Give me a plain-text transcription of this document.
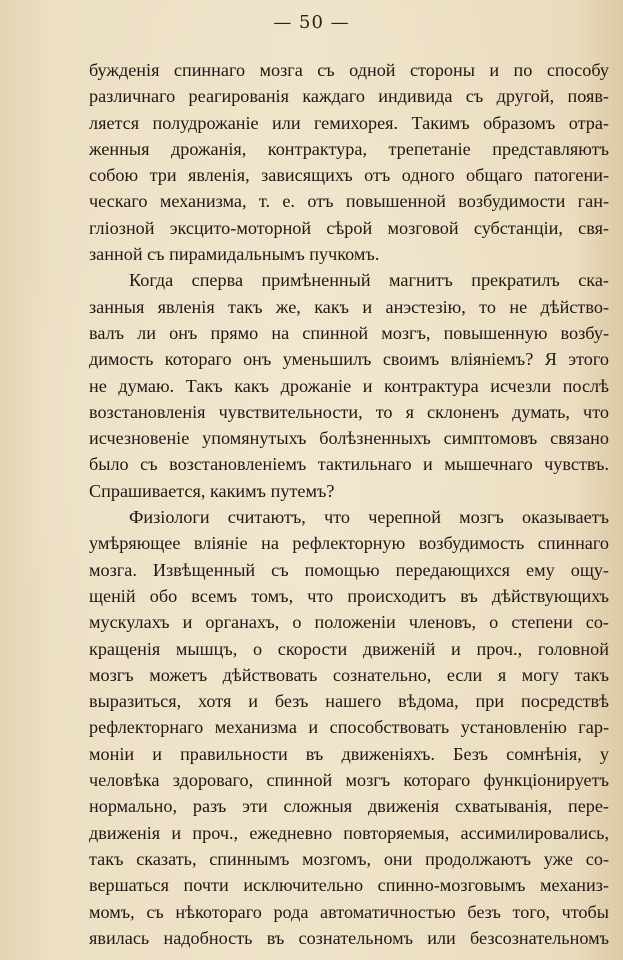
— 50 —
бужденія спиннаго мозга съ одной стороны и по способу
различнаго реагированія каждаго индивида съ другой, появ-
ляется полудрожаніе или гемихорея. Такимъ образомъ отра-
женныя дрожанія, контрактура, трепетаніе представляютъ
собою три явленія, зависящихъ отъ одного общаго патогени-
ческаго механизма, т. е. отъ повышенной возбудимости ган-
гліозной эксцито-моторной сѣрой мозговой субстанціи, свя-
занной съ пирамидальнымъ пучкомъ.
Когда сперва примѣненный магнитъ прекратилъ ска-
занныя явленія такъ же, какъ и анэстезію, то не дѣйство-
валъ ли онъ прямо на спинной мозгъ, повышенную возбу-
димость котораго онъ уменьшилъ своимъ вліяніемъ? Я этого
не думаю. Такъ какъ дрожаніе и контрактура исчезли послѣ
возстановленія чувствительности, то я склоненъ думать, что
исчезновеніе упомянутыхъ болѣзненныхъ симптомовъ связано
было съ возстановленіемъ тактильнаго и мышечнаго чувствъ.
Спрашивается, какимъ путемъ?
Физіологи считаютъ, что черепной мозгъ оказываетъ
умѣряющее вліяніе на рефлекторную возбудимость спиннаго
мозга. Извѣщенный съ помощью передающихся ему ощу-
щеній обо всемъ томъ, что происходитъ въ дѣйствующихъ
мускулахъ и органахъ, о положеніи членовъ, о степени со-
кращенія мышцъ, о скорости движеній и проч., головной
мозгъ можетъ дѣйствовать сознательно, если я могу такъ
выразиться, хотя и безъ нашего вѣдома, при посредствѣ
рефлекторнаго механизма и способствовать установленію гар-
моніи и правильности въ движеніяхъ. Безъ сомнѣнія, у
человѣка здороваго, спинной мозгъ котораго функціонируетъ
нормально, разъ эти сложныя движенія схватыванія, пере-
движенія и проч., ежедневно повторяемыя, ассимилировались,
такъ сказать, спиннымъ мозгомъ, они продолжаютъ уже со-
вершаться почти исключительно спинно-мозговымъ механиз-
момъ, съ нѣкотораго рода автоматичностью безъ того, чтобы
явилась надобность въ сознательномъ или безсознательномъ
